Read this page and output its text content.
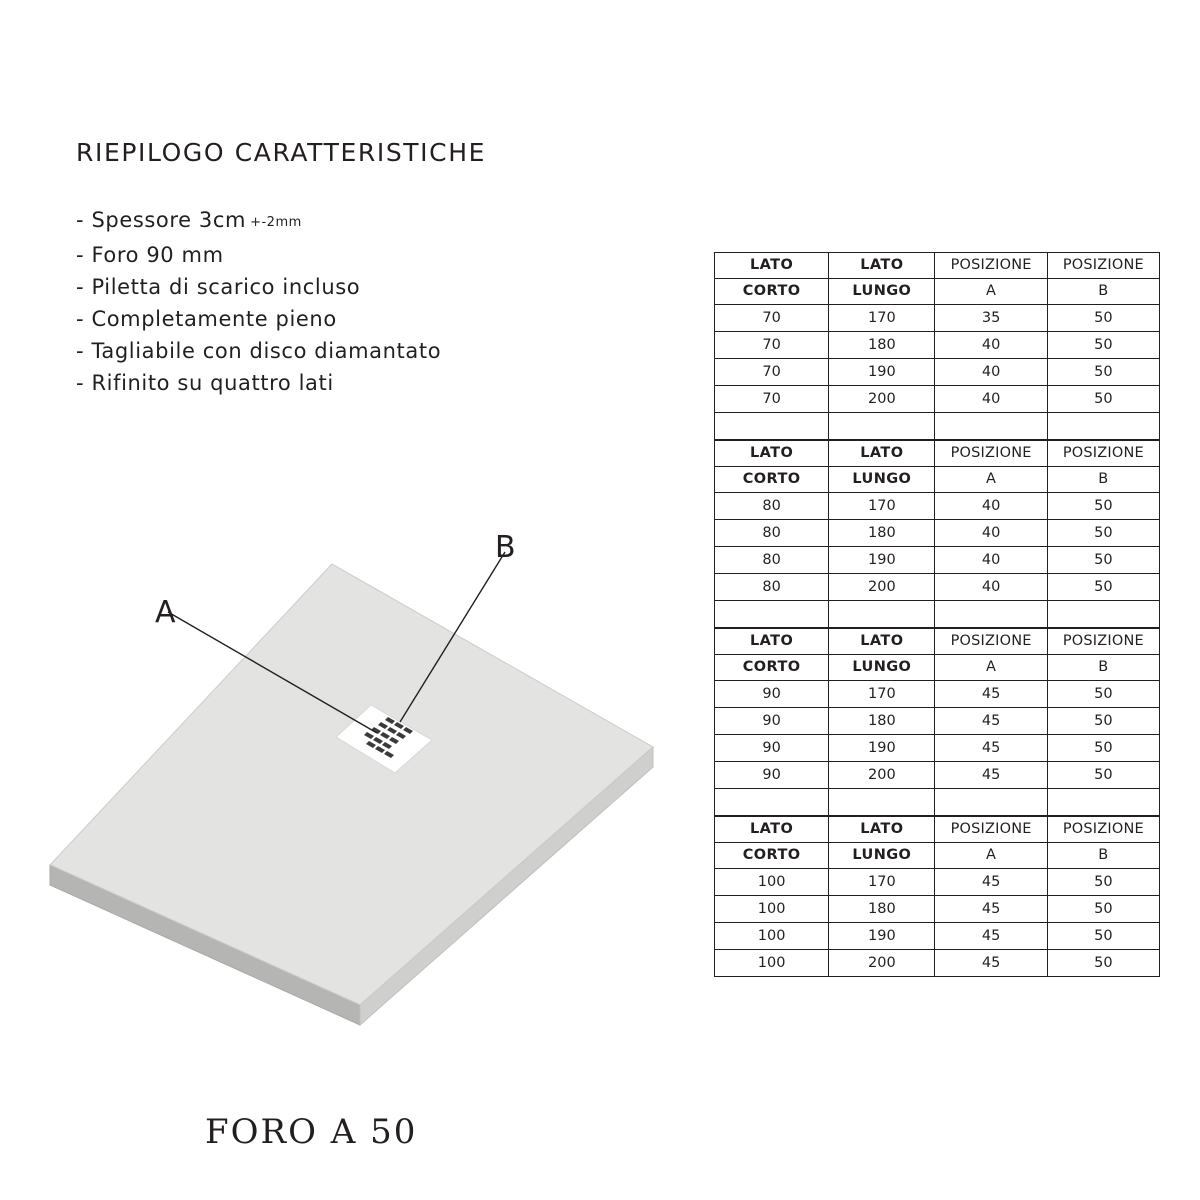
RIEPILOGO CARATTERISTICHE
- Spessore 3cm +-2mm
- Foro 90 mm
- Piletta di scarico incluso
- Completamente pieno
- Tagliabile con disco diamantato
- Rifinito su quattro lati
A
B
FORO A 50
LATO	LATO	POSIZIONE	POSIZIONE
CORTO	LUNGO	A	B
70	170	35	50
70	180	40	50
70	190	40	50
70	200	40	50

LATO	LATO	POSIZIONE	POSIZIONE
CORTO	LUNGO	A	B
80	170	40	50
80	180	40	50
80	190	40	50
80	200	40	50

LATO	LATO	POSIZIONE	POSIZIONE
CORTO	LUNGO	A	B
90	170	45	50
90	180	45	50
90	190	45	50
90	200	45	50

LATO	LATO	POSIZIONE	POSIZIONE
CORTO	LUNGO	A	B
100	170	45	50
100	180	45	50
100	190	45	50
100	200	45	50
